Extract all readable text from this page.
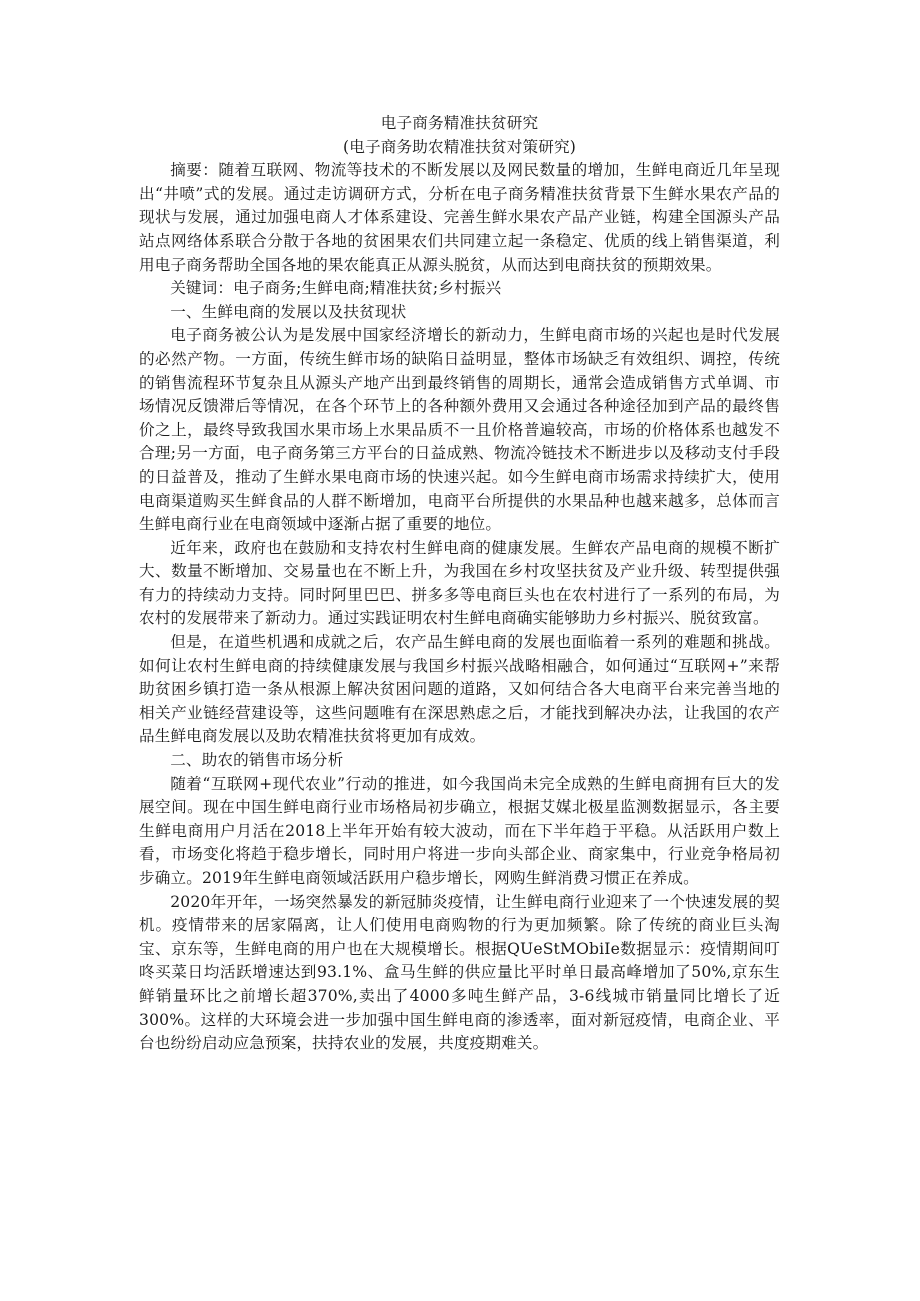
电子商务精准扶贫研究
(电子商务助农精准扶贫对策研究)

摘要：随着互联网、物流等技术的不断发展以及网民数量的增加，生鲜电商近几年呈现出“井喷”式的发展。通过走访调研方式，分析在电子商务精准扶贫背景下生鲜水果农产品的现状与发展，通过加强电商人才体系建设、完善生鲜水果农产品产业链，构建全国源头产品站点网络体系联合分散于各地的贫困果农们共同建立起一条稳定、优质的线上销售渠道，利用电子商务帮助全国各地的果农能真正从源头脱贫，从而达到电商扶贫的预期效果。

关键词：电子商务;生鲜电商;精准扶贫;乡村振兴

一、生鲜电商的发展以及扶贫现状

电子商务被公认为是发展中国家经济增长的新动力，生鲜电商市场的兴起也是时代发展的必然产物。一方面，传统生鲜市场的缺陷日益明显，整体市场缺乏有效组织、调控，传统的销售流程环节复杂且从源头产地产出到最终销售的周期长，通常会造成销售方式单调、市场情况反馈滞后等情况，在各个环节上的各种额外费用又会通过各种途径加到产品的最终售价之上，最终导致我国水果市场上水果品质不一且价格普遍较高，市场的价格体系也越发不合理;另一方面，电子商务第三方平台的日益成熟、物流冷链技术不断进步以及移动支付手段的日益普及，推动了生鲜水果电商市场的快速兴起。如今生鲜电商市场需求持续扩大，使用电商渠道购买生鲜食品的人群不断增加，电商平台所提供的水果品种也越来越多，总体而言生鲜电商行业在电商领域中逐渐占据了重要的地位。

近年来，政府也在鼓励和支持农村生鲜电商的健康发展。生鲜农产品电商的规模不断扩大、数量不断增加、交易量也在不断上升，为我国在乡村攻坚扶贫及产业升级、转型提供强有力的持续动力支持。同时阿里巴巴、拼多多等电商巨头也在农村进行了一系列的布局，为农村的发展带来了新动力。通过实践证明农村生鲜电商确实能够助力乡村振兴、脱贫致富。

但是，在道些机遇和成就之后，农产品生鲜电商的发展也面临着一系列的难题和挑战。如何让农村生鲜电商的持续健康发展与我国乡村振兴战略相融合，如何通过“互联网+”来帮助贫困乡镇打造一条从根源上解决贫困问题的道路，又如何结合各大电商平台来完善当地的相关产业链经营建设等，这些问题唯有在深思熟虑之后，才能找到解决办法，让我国的农产品生鲜电商发展以及助农精准扶贫将更加有成效。

二、助农的销售市场分析

随着“互联网+现代农业”行动的推进，如今我国尚未完全成熟的生鲜电商拥有巨大的发展空间。现在中国生鲜电商行业市场格局初步确立，根据艾媒北极星监测数据显示，各主要生鲜电商用户月活在2018上半年开始有较大波动，而在下半年趋于平稳。从活跃用户数上看，市场变化将趋于稳步增长，同时用户将进一步向头部企业、商家集中，行业竞争格局初步确立。2019年生鲜电商领域活跃用户稳步增长，网购生鲜消费习惯正在养成。

2020年开年，一场突然暴发的新冠肺炎疫情，让生鲜电商行业迎来了一个快速发展的契机。疫情带来的居家隔离，让人们使用电商购物的行为更加频繁。除了传统的商业巨头淘宝、京东等，生鲜电商的用户也在大规模增长。根据QUeStMObiIe数据显示：疫情期间叮咚买菜日均活跃增速达到93.1%、盒马生鲜的供应量比平时单日最高峰增加了50%,京东生鲜销量环比之前增长超370%,卖出了4000多吨生鲜产品，3-6线城市销量同比增长了近300%。这样的大环境会进一步加强中国生鲜电商的渗透率，面对新冠疫情，电商企业、平台也纷纷启动应急预案，扶持农业的发展，共度疫期难关。
